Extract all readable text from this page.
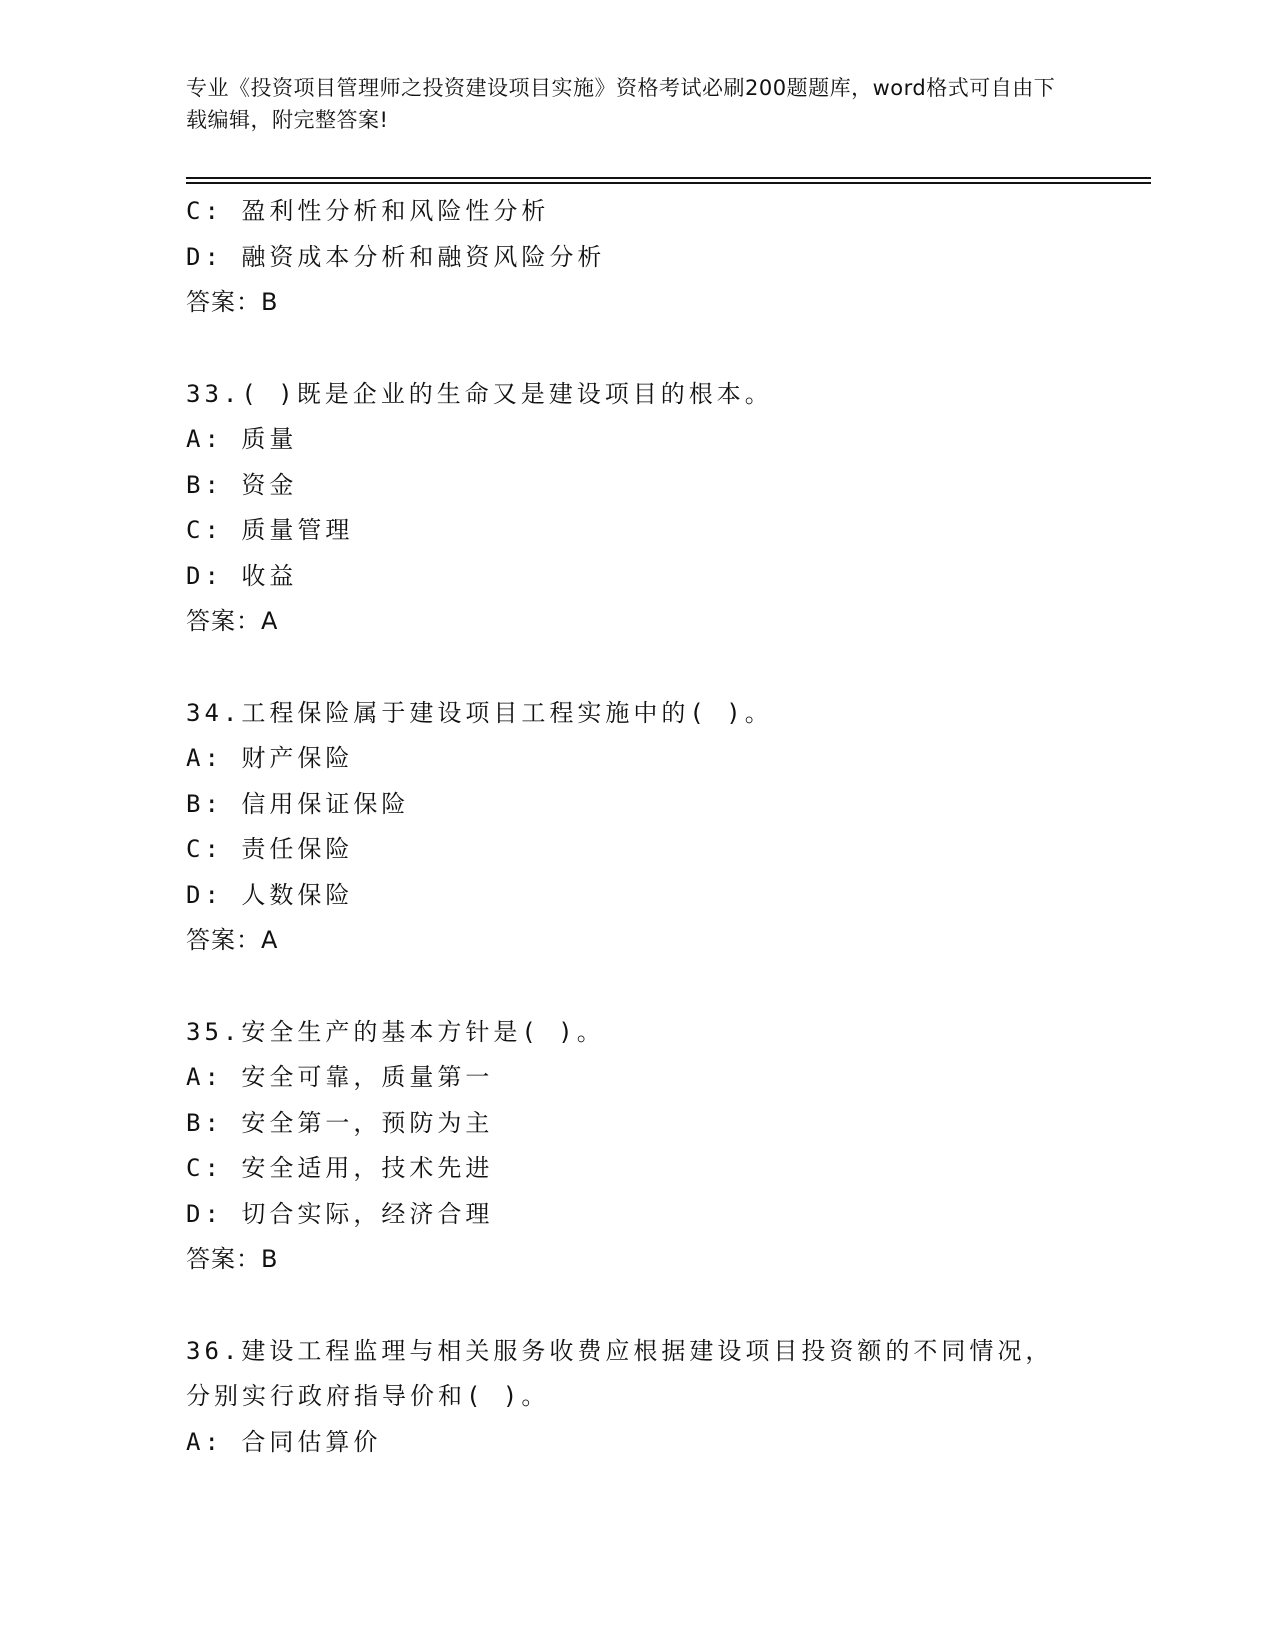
专业《投资项目管理师之投资建设项目实施》资格考试必刷200题题库，word格式可自由下载编辑，附完整答案!
C: 盈利性分析和风险性分析
D: 融资成本分析和融资风险分析
答案：B
33.( )既是企业的生命又是建设项目的根本。
A: 质量
B: 资金
C: 质量管理
D: 收益
答案：A
34.工程保险属于建设项目工程实施中的( )。
A: 财产保险
B: 信用保证保险
C: 责任保险
D: 人数保险
答案：A
35.安全生产的基本方针是( )。
A: 安全可靠，质量第一
B: 安全第一，预防为主
C: 安全适用，技术先进
D: 切合实际，经济合理
答案：B
36.建设工程监理与相关服务收费应根据建设项目投资额的不同情况，
分别实行政府指导价和( )。
A: 合同估算价
